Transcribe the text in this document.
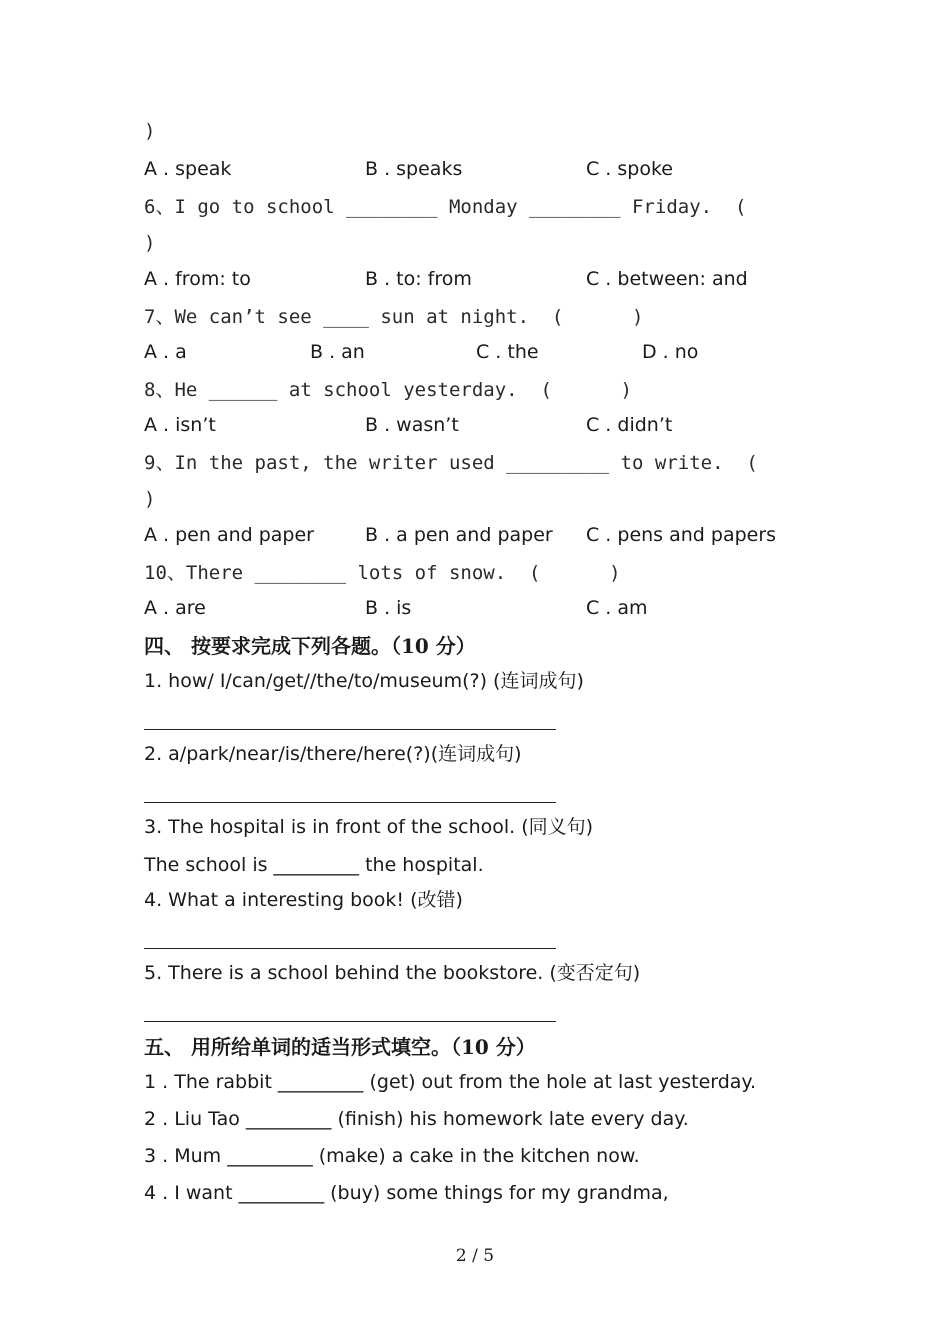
)
A . speak	B . speaks	C . spoke
6、I go to school ________ Monday ________ Friday.  (
)
A . from: to	B . to: from	C . between: and
7、We can’t see ____ sun at night.  (      )
A . a	B . an	C . the	D . no
8、He ______ at school yesterday.  (      )
A . isn’t	B . wasn’t	C . didn’t
9、In the past, the writer used _________ to write.  (
)
A . pen and paper	B . a pen and paper C . pens and papers
10、There ________ lots of snow.  (      )
A . are	B . is	C . am
四、 按要求完成下列各题。（10 分）
1. how/ I/can/get//the/to/museum(?) (连词成句)
2. a/park/near/is/there/here(?)(连词成句)
3. The hospital is in front of the school. (同义句)
The school is _________ the hospital.
4. What a interesting book! (改错)
5. There is a school behind the bookstore. (变否定句)
五、 用所给单词的适当形式填空。（10 分）
1 . The rabbit _________ (get) out from the hole at last yesterday.
2 . Liu Tao _________ (finish) his homework late every day.
3 . Mum _________ (make) a cake in the kitchen now.
4 . I want _________ (buy) some things for my grandma,
2 / 5
